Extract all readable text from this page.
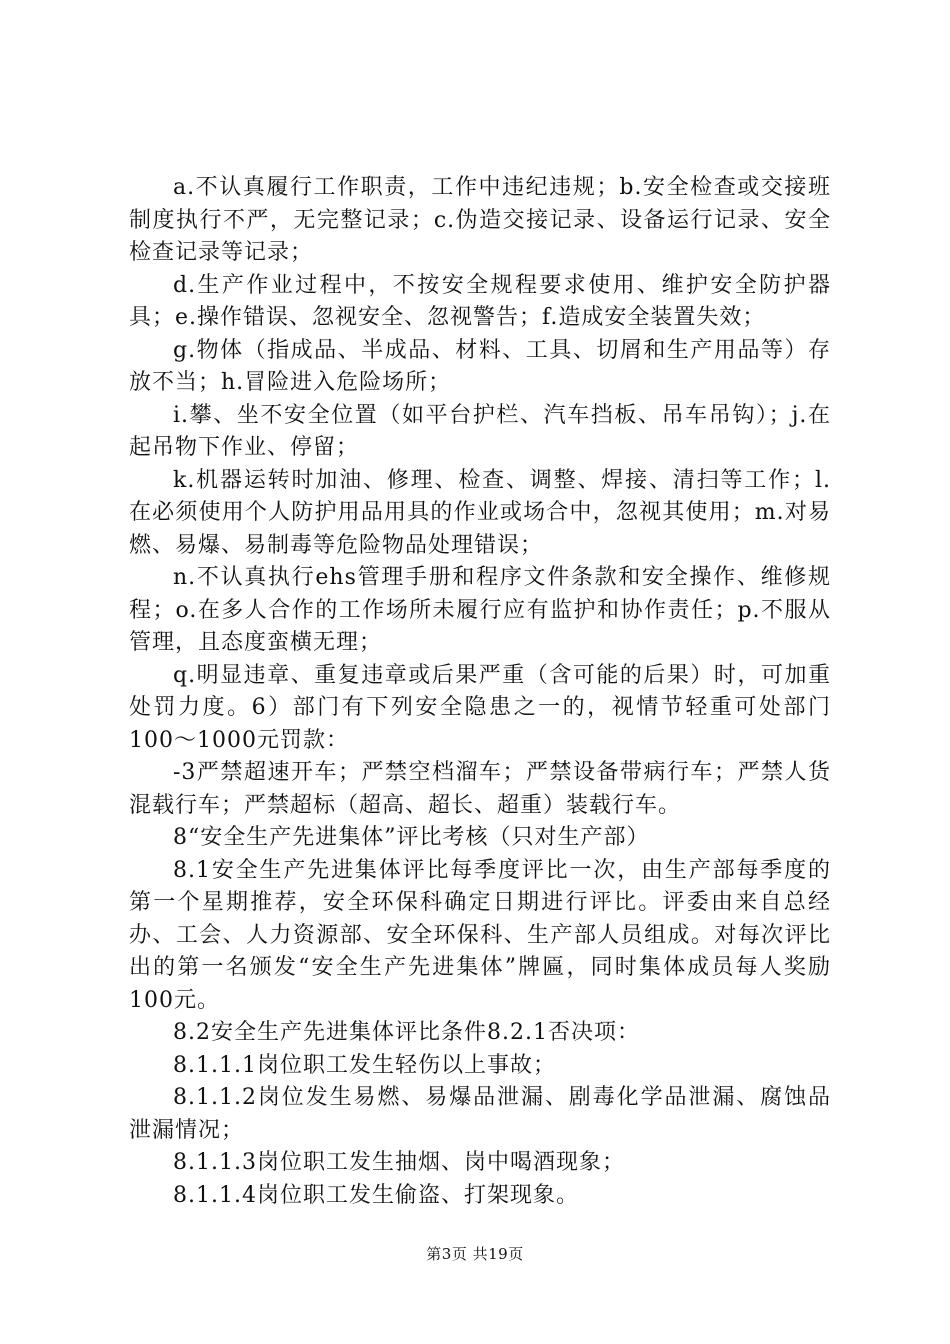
a.不认真履行工作职责，工作中违纪违规；b.安全检查或交接班制度执行不严，无完整记录；c.伪造交接记录、设备运行记录、安全检查记录等记录；

d.生产作业过程中，不按安全规程要求使用、维护安全防护器具；e.操作错误、忽视安全、忽视警告；f.造成安全装置失效；

g.物体（指成品、半成品、材料、工具、切屑和生产用品等）存放不当；h.冒险进入危险场所；

i.攀、坐不安全位置（如平台护栏、汽车挡板、吊车吊钩）；j.在起吊物下作业、停留；

k.机器运转时加油、修理、检查、调整、焊接、清扫等工作；l.在必须使用个人防护用品用具的作业或场合中，忽视其使用；m.对易燃、易爆、易制毒等危险物品处理错误；

n.不认真执行ehs管理手册和程序文件条款和安全操作、维修规程；o.在多人合作的工作场所未履行应有监护和协作责任；p.不服从管理，且态度蛮横无理；

q.明显违章、重复违章或后果严重（含可能的后果）时，可加重处罚力度。6）部门有下列安全隐患之一的，视情节轻重可处部门100～1000元罚款：

-3严禁超速开车；严禁空档溜车；严禁设备带病行车；严禁人货混载行车；严禁超标（超高、超长、超重）装载行车。

8“安全生产先进集体”评比考核（只对生产部）

8.1安全生产先进集体评比每季度评比一次，由生产部每季度的第一个星期推荐，安全环保科确定日期进行评比。评委由来自总经办、工会、人力资源部、安全环保科、生产部人员组成。对每次评比出的第一名颁发“安全生产先进集体”牌匾，同时集体成员每人奖励100元。

8.2安全生产先进集体评比条件8.2.1否决项：

8.1.1.1岗位职工发生轻伤以上事故；

8.1.1.2岗位发生易燃、易爆品泄漏、剧毒化学品泄漏、腐蚀品泄漏情况；

8.1.1.3岗位职工发生抽烟、岗中喝酒现象；

8.1.1.4岗位职工发生偷盗、打架现象。

第3页 共19页
